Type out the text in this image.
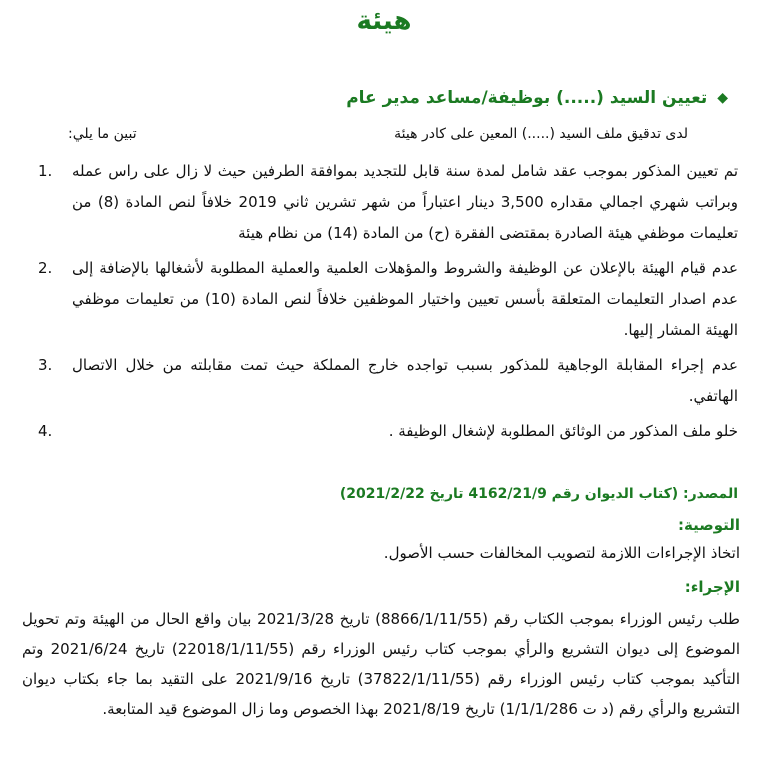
هيئة
◆
تعيين السيد (.....) بوظيفة/مساعد مدير عام
لدى تدقيق ملف السيد (.....) المعين على كادر هيئة
تبين ما يلي:
تم تعيين المذكور بموجب عقد شامل لمدة سنة قابل للتجديد بموافقة الطرفين حيث لا زال على راس عمله وبراتب شهري اجمالي مقداره 3,500 دينار اعتباراً من شهر تشرين ثاني 2019 خلافاً لنص المادة (8) من تعليمات موظفي هيئة الصادرة بمقتضى الفقرة (ح) من المادة (14) من نظام هيئة
1.
عدم قيام الهيئة بالإعلان عن الوظيفة والشروط والمؤهلات العلمية والعملية المطلوبة لأشغالها بالإضافة إلى عدم اصدار التعليمات المتعلقة بأسس تعيين واختيار الموظفين خلافاً لنص المادة (10) من تعليمات موظفي الهيئة المشار إليها.
2.
عدم إجراء المقابلة الوجاهية للمذكور بسبب تواجده خارج المملكة حيث تمت مقابلته من خلال الاتصال الهاتفي.
3.
خلو ملف المذكور من الوثائق المطلوبة لإشغال الوظيفة .
4.
المصدر: (كتاب الديوان رقم 4162/21/9 تاريخ 2021/2/22)
التوصية:
اتخاذ الإجراءات اللازمة لتصويب المخالفات حسب الأصول.
الإجراء:
طلب رئيس الوزراء بموجب الكتاب رقم (8866/1/11/55) تاريخ 2021/3/28 بيان واقع الحال من الهيئة وتم تحويل الموضوع إلى ديوان التشريع والرأي بموجب كتاب رئيس الوزراء رقم (22018/1/11/55) تاريخ 2021/6/24 وتم التأكيد بموجب كتاب رئيس الوزراء رقم (37822/1/11/55) تاريخ 2021/9/16 على التقيد بما جاء بكتاب ديوان التشريع والرأي رقم (د ت 1/1/1/286) تاريخ 2021/8/19 بهذا الخصوص وما زال الموضوع قيد المتابعة.
